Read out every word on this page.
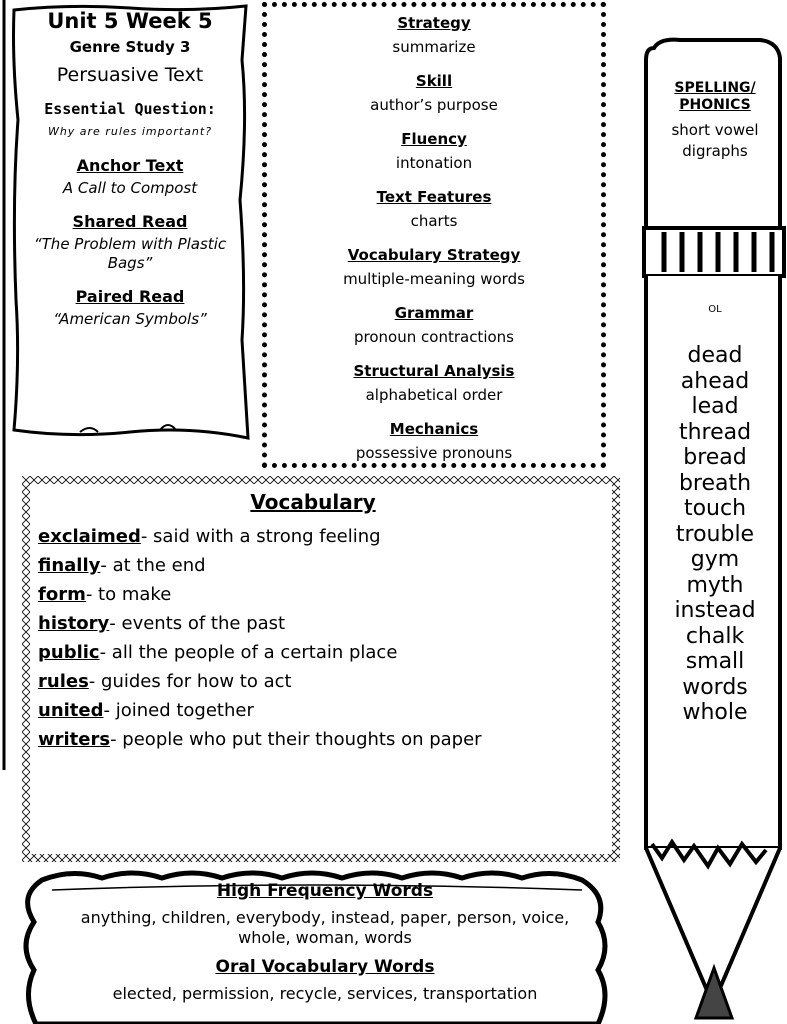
Unit 5 Week 5
Genre Study 3
Persuasive Text
Essential Question:
Why are rules important?
Anchor Text
A Call to Compost
Shared Read
“The Problem with Plastic Bags”
Paired Read
“American Symbols”
Strategy
summarize
Skill
author’s purpose
Fluency
intonation
Text Features
charts
Vocabulary Strategy
multiple-meaning words
Grammar
pronoun contractions
Structural Analysis
alphabetical order
Mechanics
possessive pronouns
Vocabulary
exclaimed- said with a strong feeling
finally- at the end
form- to make
history- events of the past
public- all the people of a certain place
rules- guides for how to act
united- joined together
writers- people who put their thoughts on paper
High Frequency Words
anything, children, everybody, instead, paper, person, voice, whole, woman, words
Oral Vocabulary Words
elected, permission, recycle, services, transportation
SPELLING/
PHONICS
short vowel
digraphs
OL
dead
ahead
lead
thread
bread
breath
touch
trouble
gym
myth
instead
chalk
small
words
whole
